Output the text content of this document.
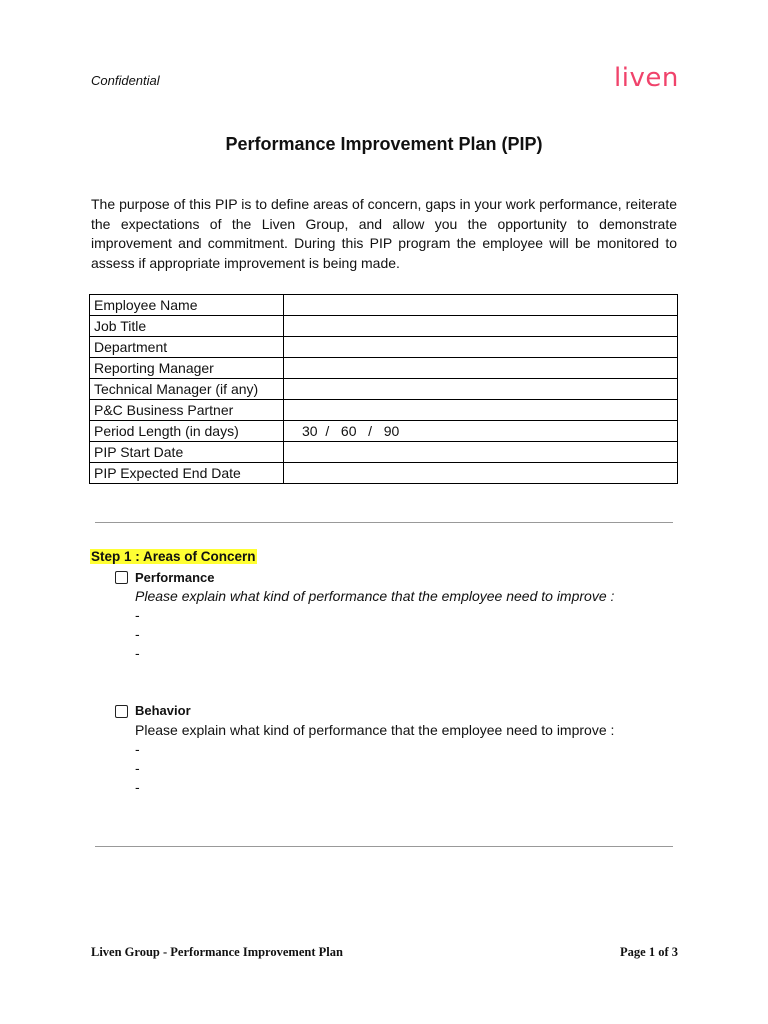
Confidential	liven
Performance Improvement Plan (PIP)

The purpose of this PIP is to define areas of concern, gaps in your work performance, reiterate the expectations of the Liven Group, and allow you the opportunity to demonstrate improvement and commitment. During this PIP program the employee will be monitored to assess if appropriate improvement is being made.

Employee Name	
Job Title	
Department	
Reporting Manager	
Technical Manager (if any)	
P&C Business Partner	
Period Length (in days)	30  /   60   /   90
PIP Start Date	
PIP Expected End Date	
Step 1 : Areas of Concern
Performance
Please explain what kind of performance that the employee need to improve :
-
-
-
Behavior
Please explain what kind of performance that the employee need to improve :
-
-
-
Liven Group - Performance Improvement Plan	Page 1 of 3
